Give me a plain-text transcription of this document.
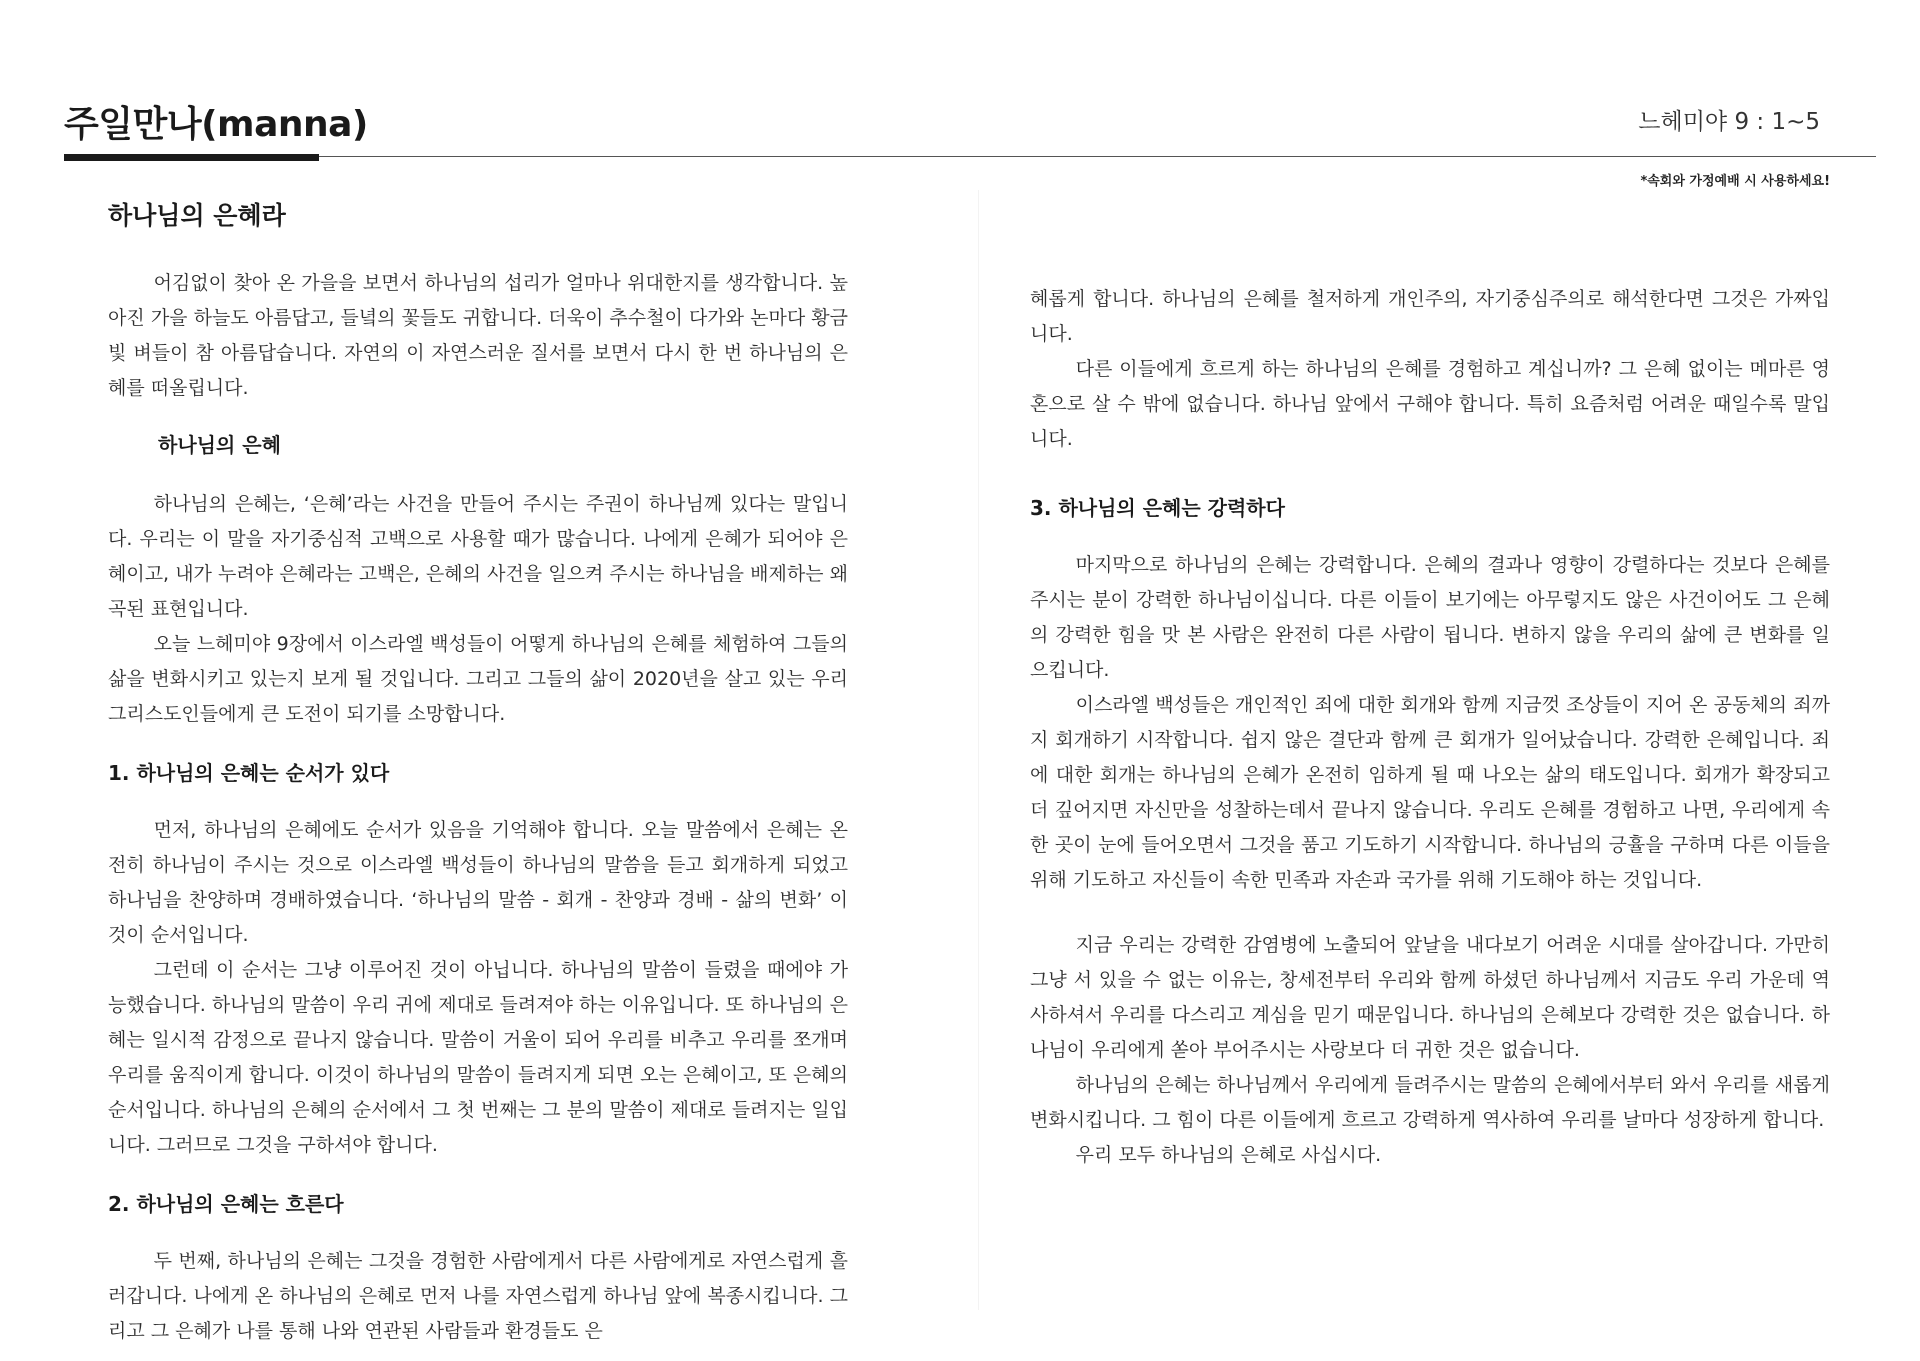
주일만나(manna)	느헤미야 9 : 1~5
*속회와 가정예배 시 사용하세요!
하나님의 은혜라

어김없이 찾아 온 가을을 보면서 하나님의 섭리가 얼마나 위대한지를 생각합니다. 높아진 가을 하늘도 아름답고, 들녘의 꽃들도 귀합니다. 더욱이 추수철이 다가와 논마다 황금빛 벼들이 참 아름답습니다. 자연의 이 자연스러운 질서를 보면서 다시 한 번 하나님의 은혜를 떠올립니다.

하나님의 은혜

하나님의 은혜는, ‘은혜’라는 사건을 만들어 주시는 주권이 하나님께 있다는 말입니다. 우리는 이 말을 자기중심적 고백으로 사용할 때가 많습니다. 나에게 은혜가 되어야 은혜이고, 내가 누려야 은혜라는 고백은, 은혜의 사건을 일으켜 주시는 하나님을 배제하는 왜곡된 표현입니다.

오늘 느헤미야 9장에서 이스라엘 백성들이 어떻게 하나님의 은혜를 체험하여 그들의 삶을 변화시키고 있는지 보게 될 것입니다. 그리고 그들의 삶이 2020년을 살고 있는 우리 그리스도인들에게 큰 도전이 되기를 소망합니다.

1. 하나님의 은혜는 순서가 있다

먼저, 하나님의 은혜에도 순서가 있음을 기억해야 합니다. 오늘 말씀에서 은혜는 온전히 하나님이 주시는 것으로 이스라엘 백성들이 하나님의 말씀을 듣고 회개하게 되었고 하나님을 찬양하며 경배하였습니다. ‘하나님의 말씀 - 회개 - 찬양과 경배 - 삶의 변화’ 이것이 순서입니다.

그런데 이 순서는 그냥 이루어진 것이 아닙니다. 하나님의 말씀이 들렸을 때에야 가능했습니다. 하나님의 말씀이 우리 귀에 제대로 들려져야 하는 이유입니다. 또 하나님의 은혜는 일시적 감정으로 끝나지 않습니다. 말씀이 거울이 되어 우리를 비추고 우리를 쪼개며 우리를 움직이게 합니다. 이것이 하나님의 말씀이 들려지게 되면 오는 은혜이고, 또 은혜의 순서입니다. 하나님의 은혜의 순서에서 그 첫 번째는 그 분의 말씀이 제대로 들려지는 일입니다. 그러므로 그것을 구하셔야 합니다.

2. 하나님의 은혜는 흐른다

두 번째, 하나님의 은혜는 그것을 경험한 사람에게서 다른 사람에게로 자연스럽게 흘러갑니다. 나에게 온 하나님의 은혜로 먼저 나를 자연스럽게 하나님 앞에 복종시킵니다. 그리고 그 은혜가 나를 통해 나와 연관된 사람들과 환경들도 은

혜롭게 합니다. 하나님의 은혜를 철저하게 개인주의, 자기중심주의로 해석한다면 그것은 가짜입니다.

다른 이들에게 흐르게 하는 하나님의 은혜를 경험하고 계십니까? 그 은혜 없이는 메마른 영혼으로 살 수 밖에 없습니다. 하나님 앞에서 구해야 합니다. 특히 요즘처럼 어려운 때일수록 말입니다.

3. 하나님의 은혜는 강력하다

마지막으로 하나님의 은혜는 강력합니다. 은혜의 결과나 영향이 강렬하다는 것보다 은혜를 주시는 분이 강력한 하나님이십니다. 다른 이들이 보기에는 아무렇지도 않은 사건이어도 그 은혜의 강력한 힘을 맛 본 사람은 완전히 다른 사람이 됩니다. 변하지 않을 우리의 삶에 큰 변화를 일으킵니다.

이스라엘 백성들은 개인적인 죄에 대한 회개와 함께 지금껏 조상들이 지어 온 공동체의 죄까지 회개하기 시작합니다. 쉽지 않은 결단과 함께 큰 회개가 일어났습니다. 강력한 은혜입니다. 죄에 대한 회개는 하나님의 은혜가 온전히 임하게 될 때 나오는 삶의 태도입니다. 회개가 확장되고 더 깊어지면 자신만을 성찰하는데서 끝나지 않습니다. 우리도 은혜를 경험하고 나면, 우리에게 속한 곳이 눈에 들어오면서 그것을 품고 기도하기 시작합니다. 하나님의 긍휼을 구하며 다른 이들을 위해 기도하고 자신들이 속한 민족과 자손과 국가를 위해 기도해야 하는 것입니다.

지금 우리는 강력한 감염병에 노출되어 앞날을 내다보기 어려운 시대를 살아갑니다. 가만히 그냥 서 있을 수 없는 이유는, 창세전부터 우리와 함께 하셨던 하나님께서 지금도 우리 가운데 역사하셔서 우리를 다스리고 계심을 믿기 때문입니다. 하나님의 은혜보다 강력한 것은 없습니다. 하나님이 우리에게 쏟아 부어주시는 사랑보다 더 귀한 것은 없습니다.

하나님의 은혜는 하나님께서 우리에게 들려주시는 말씀의 은혜에서부터 와서 우리를 새롭게 변화시킵니다. 그 힘이 다른 이들에게 흐르고 강력하게 역사하여 우리를 날마다 성장하게 합니다.

우리 모두 하나님의 은혜로 사십시다.
